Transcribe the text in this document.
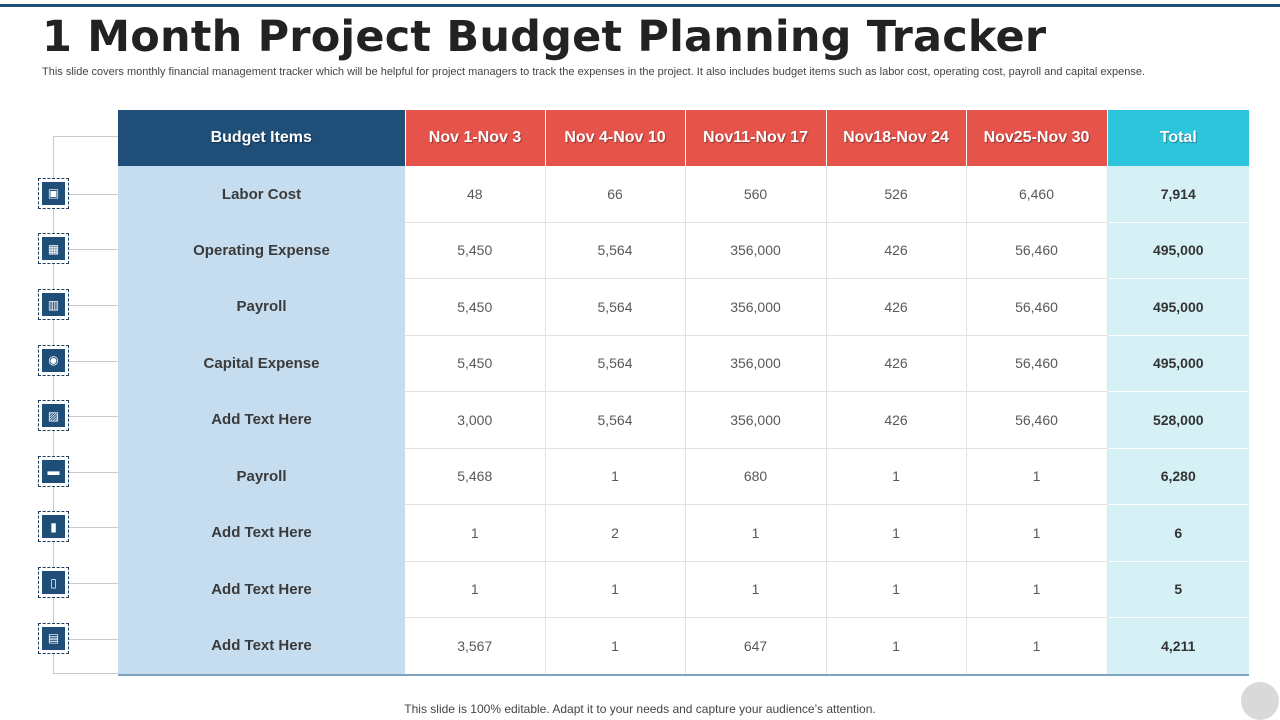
1 Month Project Budget Planning Tracker

This slide covers monthly financial management tracker which will be helpful for project managers to track the expenses in the project. It also includes budget items such as labor cost, operating cost, payroll and capital expense.

▣
▦
▥
◉
▨
▬
▮
▯
▤
Budget Items	Nov 1-Nov 3	Nov 4-Nov 10	Nov11-Nov 17	Nov18-Nov 24	Nov25-Nov 30	Total
Labor Cost	48	66	560	526	6,460	7,914
Operating Expense	5,450	5,564	356,000	426	56,460	495,000
Payroll	5,450	5,564	356,000	426	56,460	495,000
Capital Expense	5,450	5,564	356,000	426	56,460	495,000
Add Text Here	3,000	5,564	356,000	426	56,460	528,000
Payroll	5,468	1	680	1	1	6,280
Add Text Here	1	2	1	1	1	6
Add Text Here	1	1	1	1	1	5
Add Text Here	3,567	1	647	1	1	4,211
This slide is 100% editable. Adapt it to your needs and capture your audience’s attention.
